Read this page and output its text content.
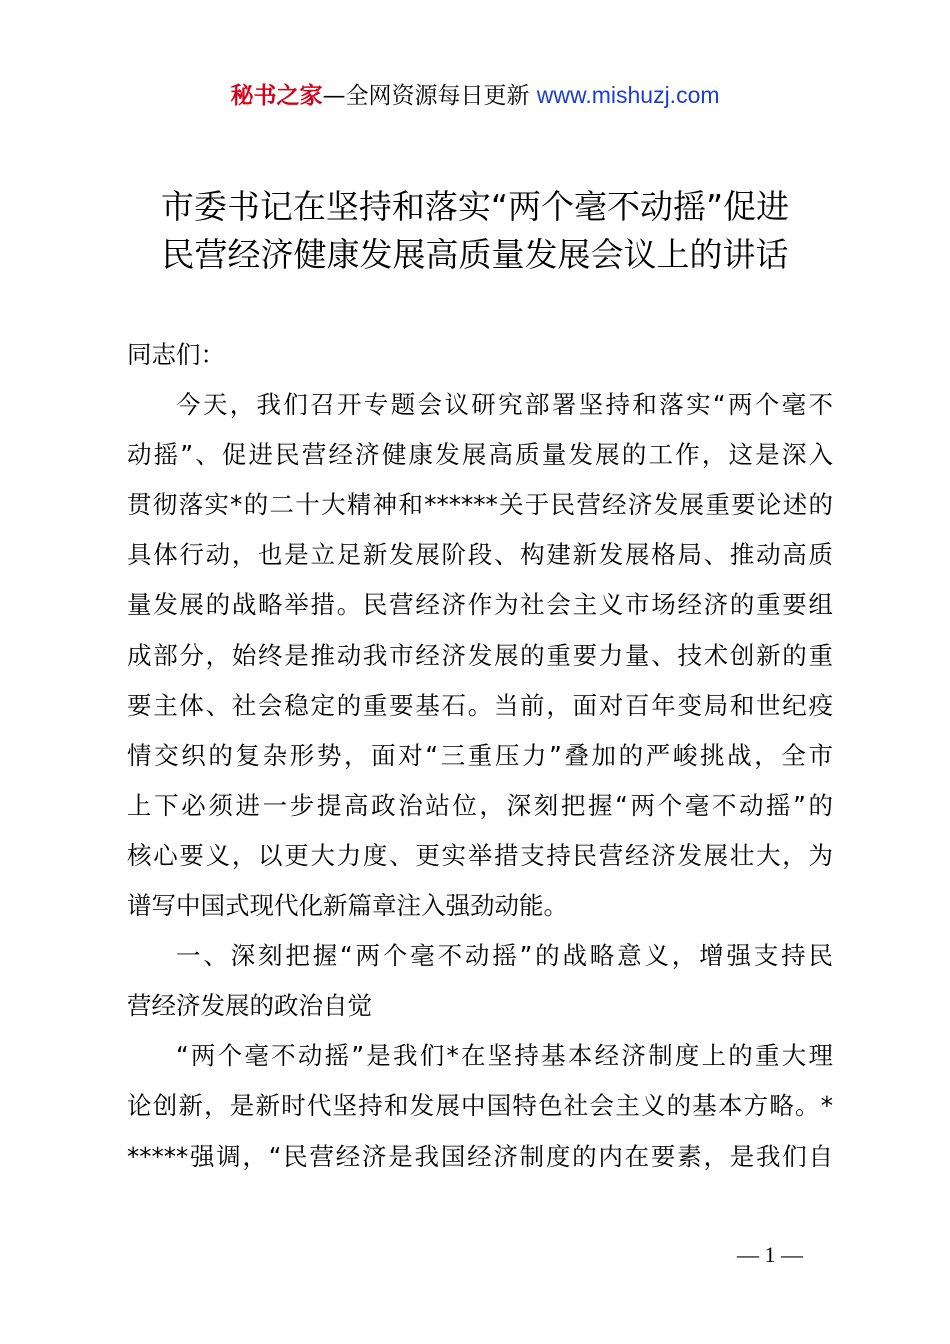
秘书之家—全网资源每日更新 www.mishuzj.com
市委书记在坚持和落实“两个毫不动摇”促进
民营经济健康发展高质量发展会议上的讲话
同志们：
今天，我们召开专题会议研究部署坚持和落实“两个毫不
动摇”、促进民营经济健康发展高质量发展的工作，这是深入
贯彻落实*的二十大精神和******关于民营经济发展重要论述的
具体行动，也是立足新发展阶段、构建新发展格局、推动高质
量发展的战略举措。民营经济作为社会主义市场经济的重要组
成部分，始终是推动我市经济发展的重要力量、技术创新的重
要主体、社会稳定的重要基石。当前，面对百年变局和世纪疫
情交织的复杂形势，面对“三重压力”叠加的严峻挑战，全市
上下必须进一步提高政治站位，深刻把握“两个毫不动摇”的
核心要义，以更大力度、更实举措支持民营经济发展壮大，为
谱写中国式现代化新篇章注入强劲动能。
一、深刻把握“两个毫不动摇”的战略意义，增强支持民
营经济发展的政治自觉
“两个毫不动摇”是我们*在坚持基本经济制度上的重大理
论创新，是新时代坚持和发展中国特色社会主义的基本方略。*
*****强调，“民营经济是我国经济制度的内在要素，是我们自
— 1 —
